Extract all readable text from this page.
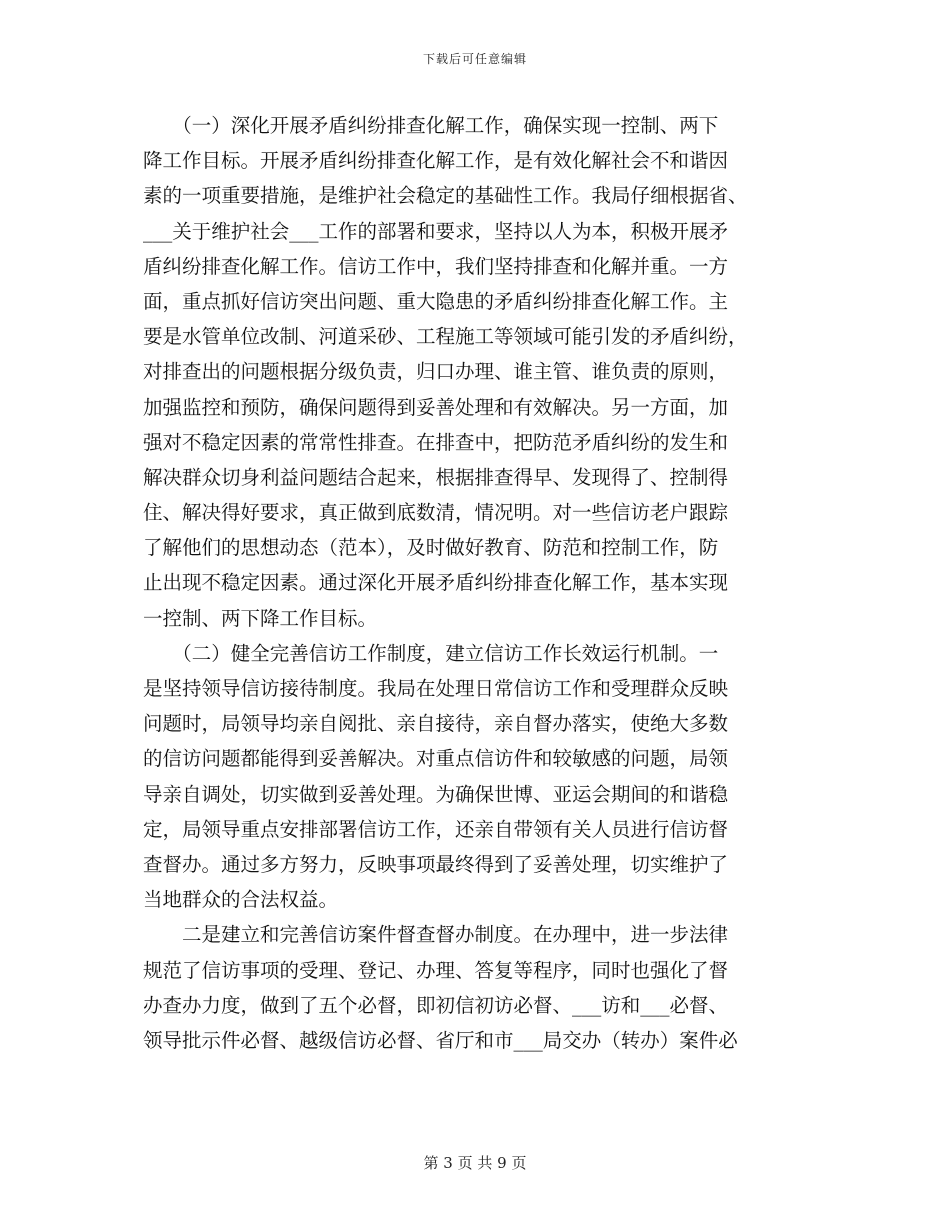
下载后可任意编辑
　　（一）深化开展矛盾纠纷排查化解工作，确保实现一控制、两下
降工作目标。开展矛盾纠纷排查化解工作，是有效化解社会不和谐因
素的一项重要措施，是维护社会稳定的基础性工作。我局仔细根据省、
___关于维护社会___工作的部署和要求，坚持以人为本，积极开展矛
盾纠纷排查化解工作。信访工作中，我们坚持排查和化解并重。一方
面，重点抓好信访突出问题、重大隐患的矛盾纠纷排查化解工作。主
要是水管单位改制、河道采砂、工程施工等领域可能引发的矛盾纠纷，
对排查出的问题根据分级负责，归口办理、谁主管、谁负责的原则，
加强监控和预防，确保问题得到妥善处理和有效解决。另一方面，加
强对不稳定因素的常常性排查。在排查中，把防范矛盾纠纷的发生和
解决群众切身利益问题结合起来，根据排查得早、发现得了、控制得
住、解决得好要求，真正做到底数清，情况明。对一些信访老户跟踪
了解他们的思想动态（范本），及时做好教育、防范和控制工作，防
止出现不稳定因素。通过深化开展矛盾纠纷排查化解工作，基本实现
一控制、两下降工作目标。
　　（二）健全完善信访工作制度，建立信访工作长效运行机制。一
是坚持领导信访接待制度。我局在处理日常信访工作和受理群众反映
问题时，局领导均亲自阅批、亲自接待，亲自督办落实，使绝大多数
的信访问题都能得到妥善解决。对重点信访件和较敏感的问题，局领
导亲自调处，切实做到妥善处理。为确保世博、亚运会期间的和谐稳
定，局领导重点安排部署信访工作，还亲自带领有关人员进行信访督
查督办。通过多方努力，反映事项最终得到了妥善处理，切实维护了
当地群众的合法权益。
　　二是建立和完善信访案件督查督办制度。在办理中，进一步法律
规范了信访事项的受理、登记、办理、答复等程序，同时也强化了督
办查办力度，做到了五个必督，即初信初访必督、___访和___必督、
领导批示件必督、越级信访必督、省厅和市___局交办（转办）案件必
第 3 页 共 9 页
